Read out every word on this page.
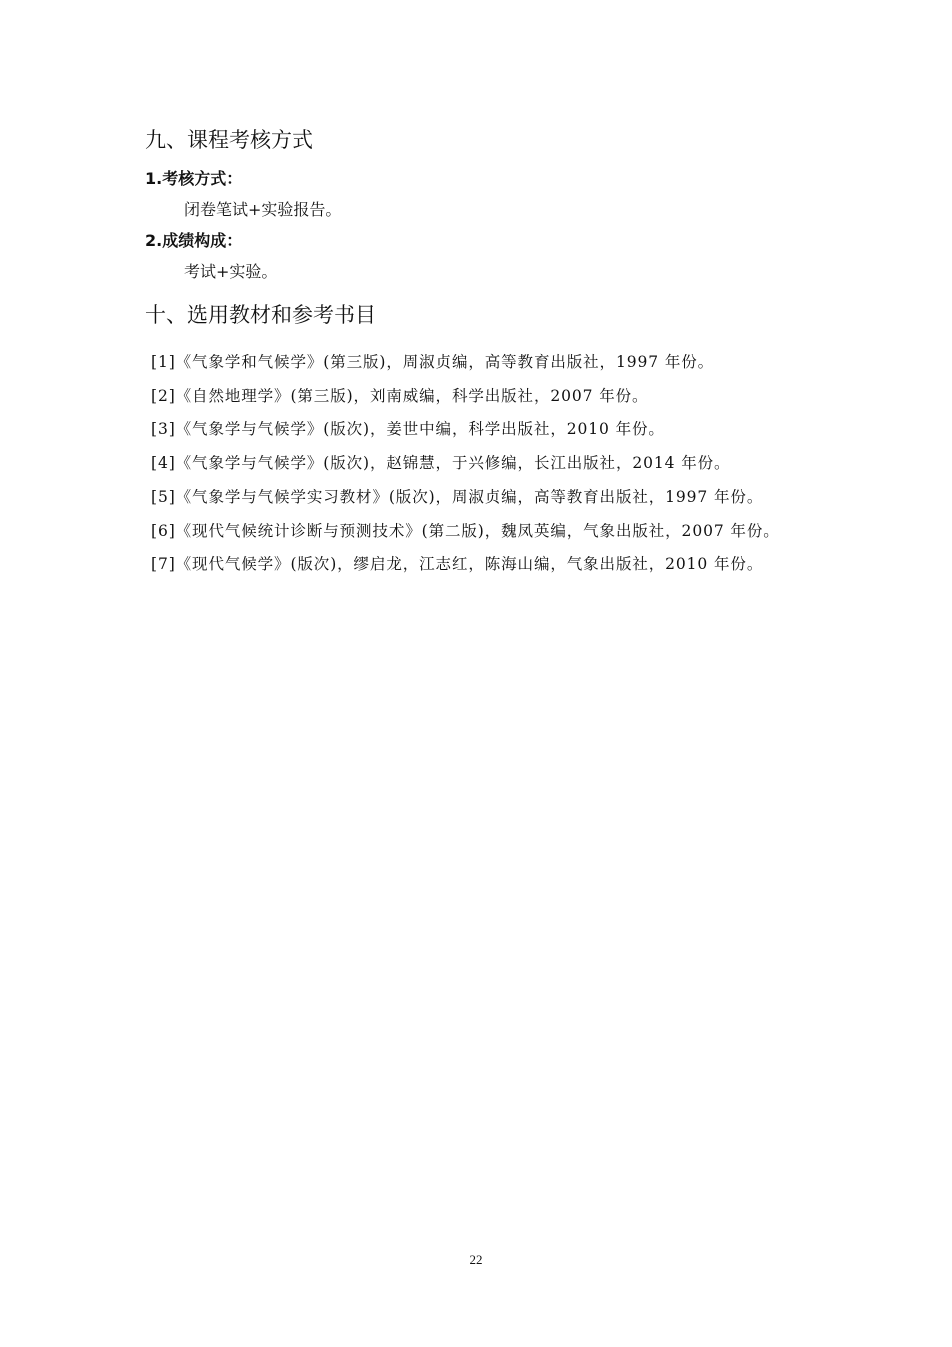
九、课程考核方式
1.考核方式：

闭卷笔试+实验报告。

2.成绩构成：

考试+实验。

十、选用教材和参考书目
[1]《气象学和气候学》(第三版)，周淑贞编，高等教育出版社，1997 年份。
[2]《自然地理学》(第三版)，刘南威编，科学出版社，2007 年份。
[3]《气象学与气候学》(版次)，姜世中编，科学出版社，2010 年份。
[4]《气象学与气候学》(版次)，赵锦慧，于兴修编，长江出版社，2014 年份。
[5]《气象学与气候学实习教材》(版次)，周淑贞编，高等教育出版社，1997 年份。
[6]《现代气候统计诊断与预测技术》(第二版)，魏凤英编，气象出版社，2007 年份。
[7]《现代气候学》(版次)，缪启龙，江志红，陈海山编，气象出版社，2010 年份。
22
